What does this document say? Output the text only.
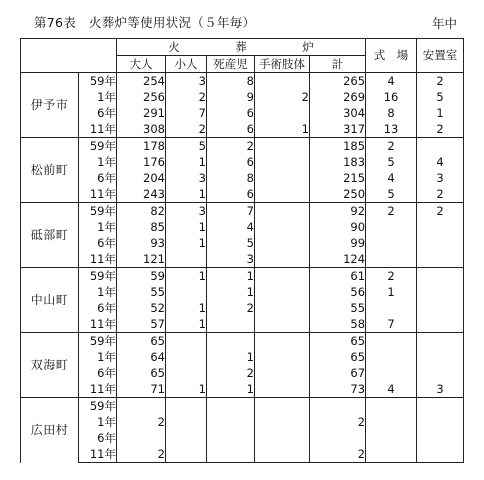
第76表　火葬炉等使用状況（５年毎）	年中
		火　葬　炉					式　場	安置室
		大人	小人	死産児	手術肢体	計		
伊予市	59年	254	3	8		265	4	2
	1年	256	2	9	2	269	16	5
	6年	291	7	6		304	8	1
	11年	308	2	6	1	317	13	2
松前町	59年	178	5	2		185	2	
	1年	176	1	6		183	5	4
	6年	204	3	8		215	4	3
	11年	243	1	6		250	5	2
砥部町	59年	82	3	7		92	2	2
	1年	85	1	4		90		
	6年	93	1	5		99		
	11年	121		3		124		
中山町	59年	59	1	1		61	2	
	1年	55		1		56	1	
	6年	52	1	2		55		
	11年	57	1			58	7	
双海町	59年	65				65		
	1年	64		1		65		
	6年	65		2		67		
	11年	71	1	1		73	4	3
広田村	59年							
	1年	2				2		
	6年							
	11年	2				2		
